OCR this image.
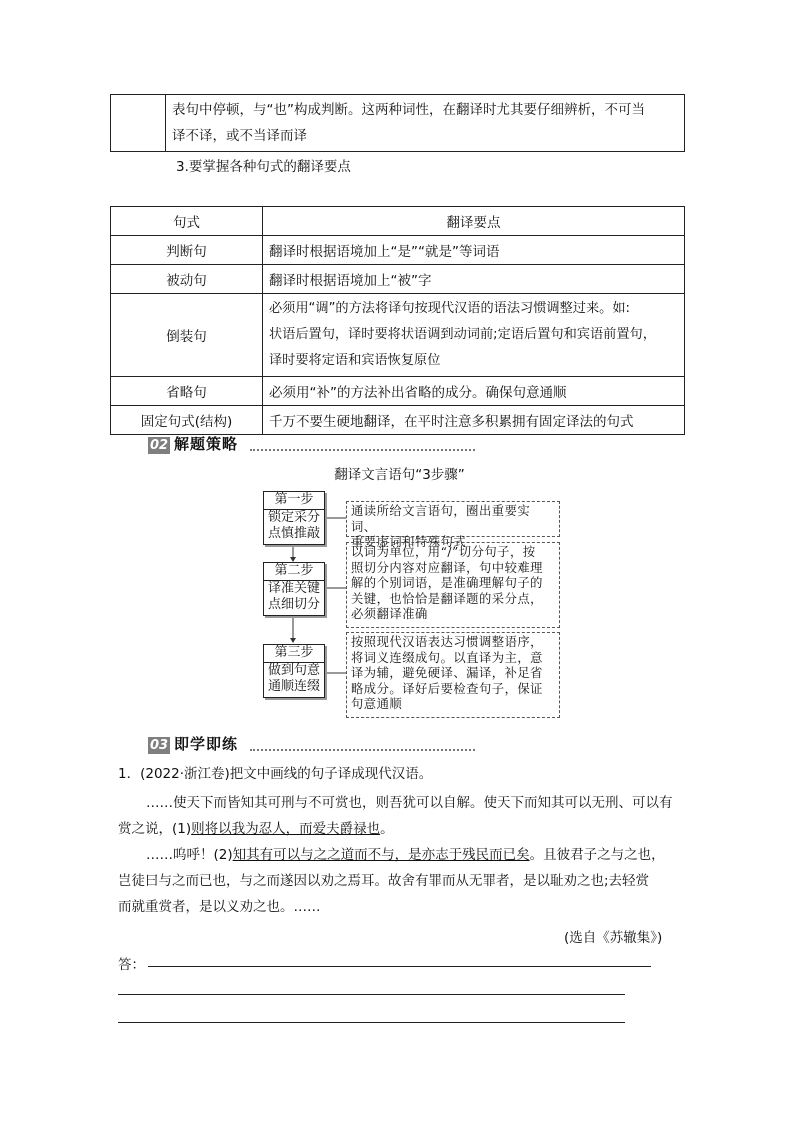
表句中停顿，与“也”构成判断。这两种词性，在翻译时尤其要仔细辨析，不可当
译不译，或不当译而译
3.要掌握各种句式的翻译要点
句式	翻译要点
判断句	翻译时根据语境加上“是”“就是”等词语
被动句	翻译时根据语境加上“被”字
倒装句	必须用“调”的方法将译句按现代汉语的语法习惯调整过来。如:
状语后置句，译时要将状语调到动词前;定语后置句和宾语前置句，
译时要将定语和宾语恢复原位

省略句	必须用“补”的方法补出省略的成分。确保句意通顺
固定句式(结构)	千万不要生硬地翻译，在平时注意多积累拥有固定译法的句式
02 解题策略
翻译文言语句“3步骤”
第一步
锁定采分
点慎推敲
通读所给文言语句，圈出重要实词、
重要虚词和特殊句式
第二步
译准关键
点细切分
以词为单位，用“/”切分句子，按
照切分内容对应翻译，句中较难理
解的个别词语，是准确理解句子的
关键，也恰恰是翻译题的采分点，
必须翻译准确
第三步
做到句意
通顺连缀
按照现代汉语表达习惯调整语序，
将词义连缀成句。以直译为主，意
译为辅，避免硬译、漏译，补足省
略成分。译好后要检查句子，保证
句意通顺
03 即学即练
1．(2022·浙江卷)把文中画线的句子译成现代汉语。
……使天下而皆知其可刑与不可赏也，则吾犹可以自解。使天下而知其可以无刑、可以有赏之说，(1)则将以我为忍人，而爱夫爵禄也。
……呜呼！(2)知其有可以与之之道而不与，是亦志于残民而已矣。且彼君子之与之也，
岂徒曰与之而已也，与之而遂因以劝之焉耳。故舍有罪而从无罪者，是以耻劝之也;去轻赏
而就重赏者，是以义劝之也。……
(选自《苏辙集》)
答：
